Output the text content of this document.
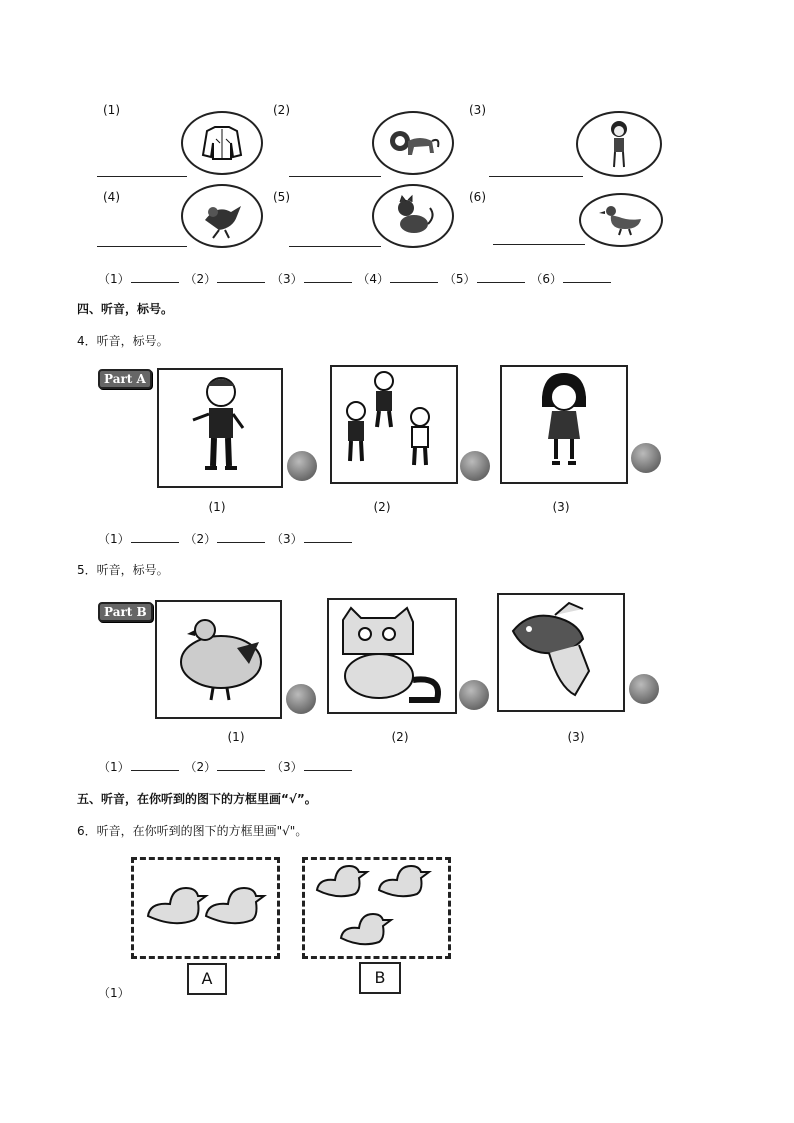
(1)	(2)	(3)
(4)	(5)	(6)
（1）	（2）	（3）	（4）	（5）	（6）
四、听音，标号。
4．听音，标号。
Part A
(1)	(2)	(3)
（1）	（2）	（3）
5．听音，标号。
Part B
(1)	(2)	(3)
（1）	（2）	（3）
五、听音，在你听到的图下的方框里画“√”。
6．听音，在你听到的图下的方框里画"√"。
A	B
（1）
